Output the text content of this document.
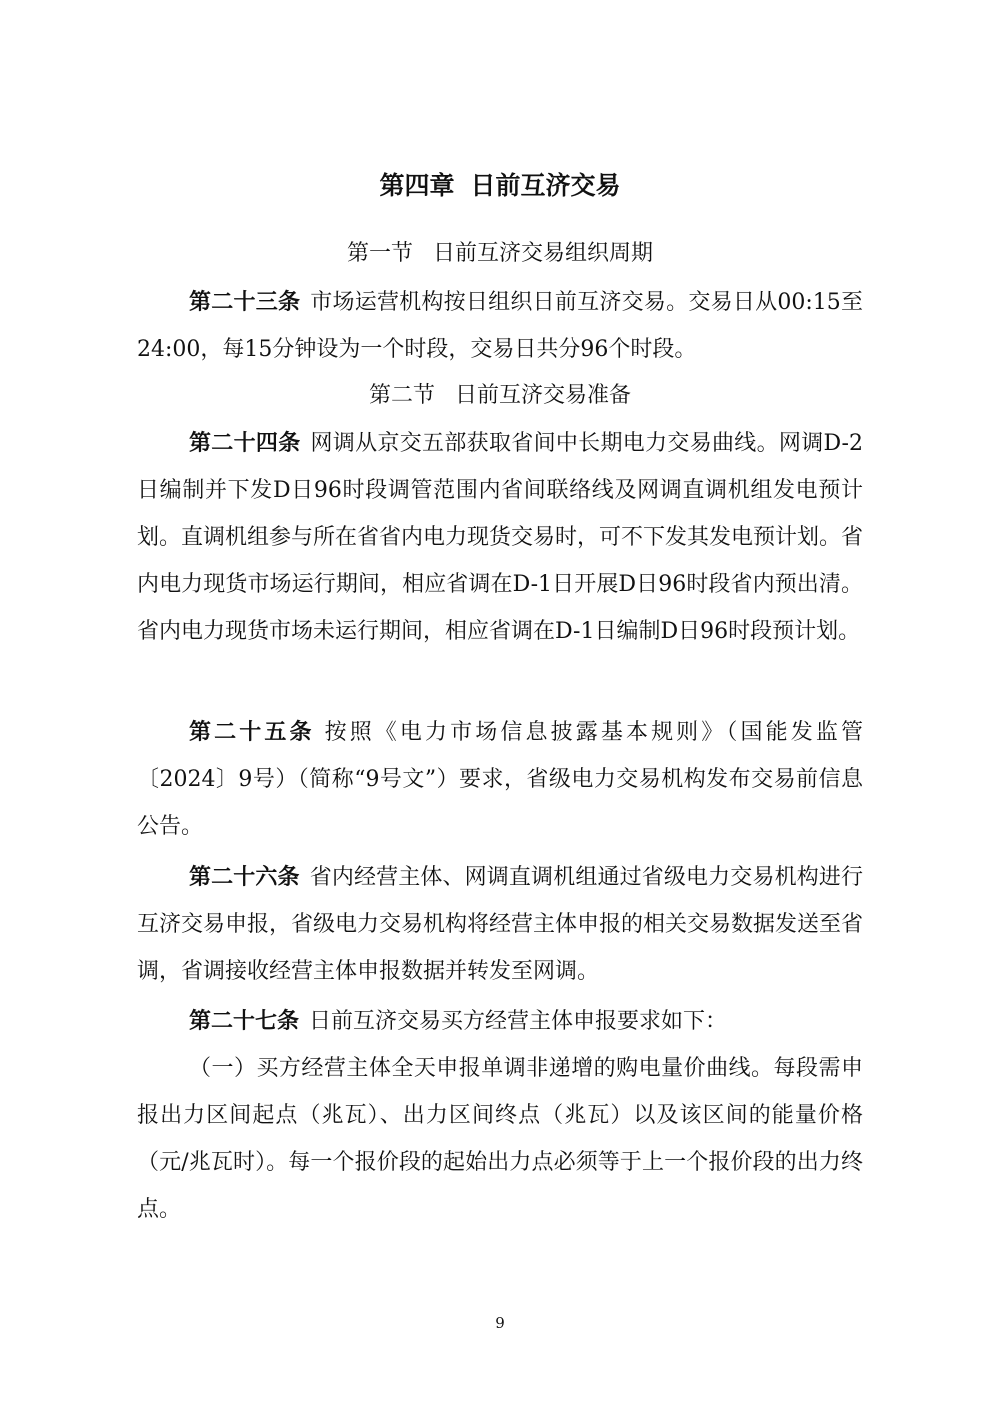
第四章 日前互济交易
第一节 日前互济交易组织周期

第二十三条 市场运营机构按日组织日前互济交易。交易日从00:15至24:00，每15分钟设为一个时段，交易日共分96个时段。

第二节 日前互济交易准备

第二十四条 网调从京交五部获取省间中长期电力交易曲线。网调D-2日编制并下发D日96时段调管范围内省间联络线及网调直调机组发电预计划。直调机组参与所在省省内电力现货交易时，可不下发其发电预计划。省内电力现货市场运行期间，相应省调在D-1日开展D日96时段省内预出清。省内电力现货市场未运行期间，相应省调在D-1日编制D日96时段预计划。

第二十五条 按照《电力市场信息披露基本规则》（国能发监管〔2024〕9号）（简称“9号文”）要求，省级电力交易机构发布交易前信息公告。

第二十六条 省内经营主体、网调直调机组通过省级电力交易机构进行互济交易申报，省级电力交易机构将经营主体申报的相关交易数据发送至省调，省调接收经营主体申报数据并转发至网调。

第二十七条 日前互济交易买方经营主体申报要求如下：

（一）买方经营主体全天申报单调非递增的购电量价曲线。每段需申报出力区间起点（兆瓦）、出力区间终点（兆瓦）以及该区间的能量价格（元/兆瓦时）。每一个报价段的起始出力点必须等于上一个报价段的出力终点。

9
